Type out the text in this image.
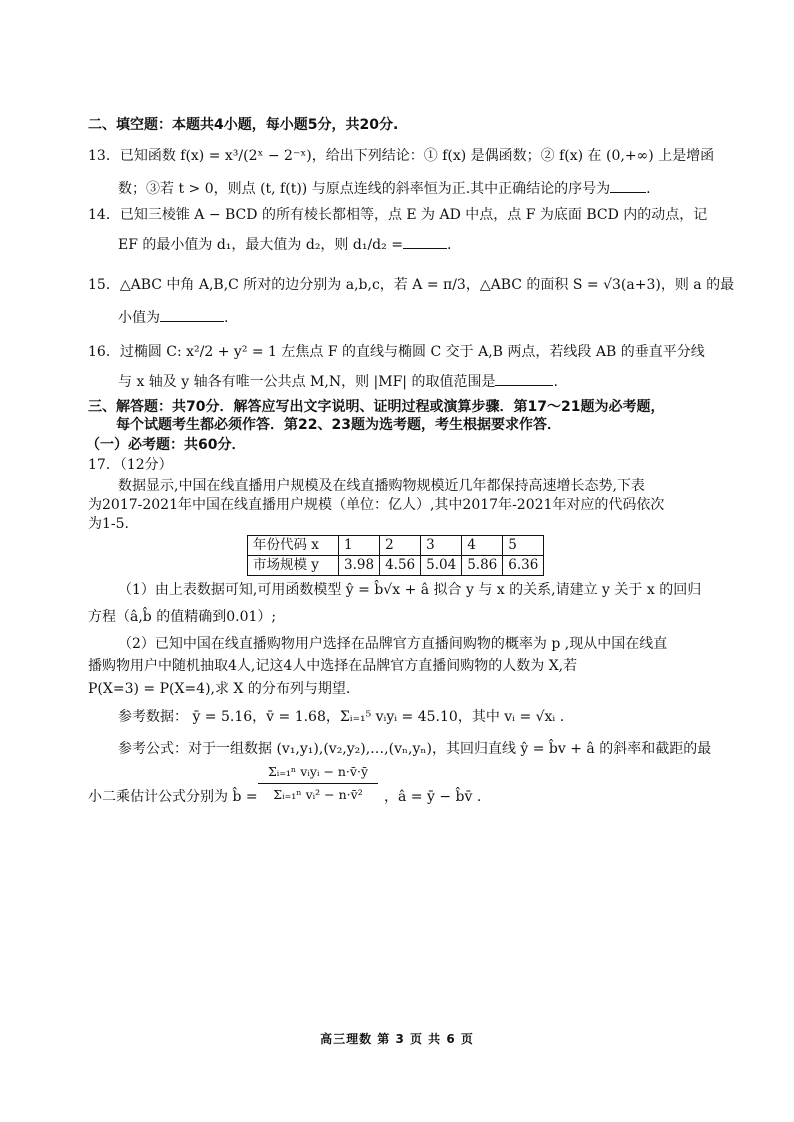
二、填空题：本题共4小题，每小题5分，共20分.
13．已知函数 f(x) = x³/(2ˣ − 2⁻ˣ)，给出下列结论：① f(x) 是偶函数；② f(x) 在 (0,+∞) 上是增函
数；③若 t > 0，则点 (t, f(t)) 与原点连线的斜率恒为正.其中正确结论的序号为	.
14．已知三棱锥 A − BCD 的所有棱长都相等，点 E 为 AD 中点，点 F 为底面 BCD 内的动点，记
EF 的最小值为 d₁，最大值为 d₂，则 d₁/d₂ =	.
15．△ABC 中角 A,B,C 所对的边分别为 a,b,c，若 A = π/3，△ABC 的面积 S = √3(a+3)，则 a 的最
小值为	.
16．过椭圆 C: x²/2 + y² = 1 左焦点 F 的直线与椭圆 C 交于 A,B 两点，若线段 AB 的垂直平分线
与 x 轴及 y 轴各有唯一公共点 M,N，则 |MF| 的取值范围是	.
三、解答题：共70分．解答应写出文字说明、证明过程或演算步骤．第17～21题为必考题，
每个试题考生都必须作答．第22、23题为选考题，考生根据要求作答．
（一）必考题：共60分．
17．（12分）
数据显示,中国在线直播用户规模及在线直播购物规模近几年都保持高速增长态势,下表
为2017-2021年中国在线直播用户规模（单位：亿人）,其中2017年-2021年对应的代码依次
为1-5.
年份代码 x	1	2	3	4	5
市场规模 y	3.98	4.56	5.04	5.86	6.36
（1）由上表数据可知,可用函数模型 ŷ = b̂√x + â 拟合 y 与 x 的关系,请建立 y 关于 x 的回归
方程（â,b̂ 的值精确到0.01）;
（2）已知中国在线直播购物用户选择在品牌官方直播间购物的概率为 p ,现从中国在线直
播购物用户中随机抽取4人,记这4人中选择在品牌官方直播间购物的人数为 X,若
P(X=3) = P(X=4),求 X 的分布列与期望.
参考数据： ȳ = 5.16，v̄ = 1.68，Σᵢ₌₁⁵ vᵢyᵢ = 45.10，其中 vᵢ = √xᵢ .
参考公式：对于一组数据 (v₁,y₁),(v₂,y₂),…,(vₙ,yₙ)，其回归直线 ŷ = b̂v + â 的斜率和截距的最
小二乘估计公式分别为 b̂ =
Σᵢ₌₁ⁿ vᵢyᵢ − n·v̄·ȳ
Σᵢ₌₁ⁿ vᵢ² − n·v̄²	，â = ȳ − b̂v̄ .
高三理数 第 3 页 共 6 页
